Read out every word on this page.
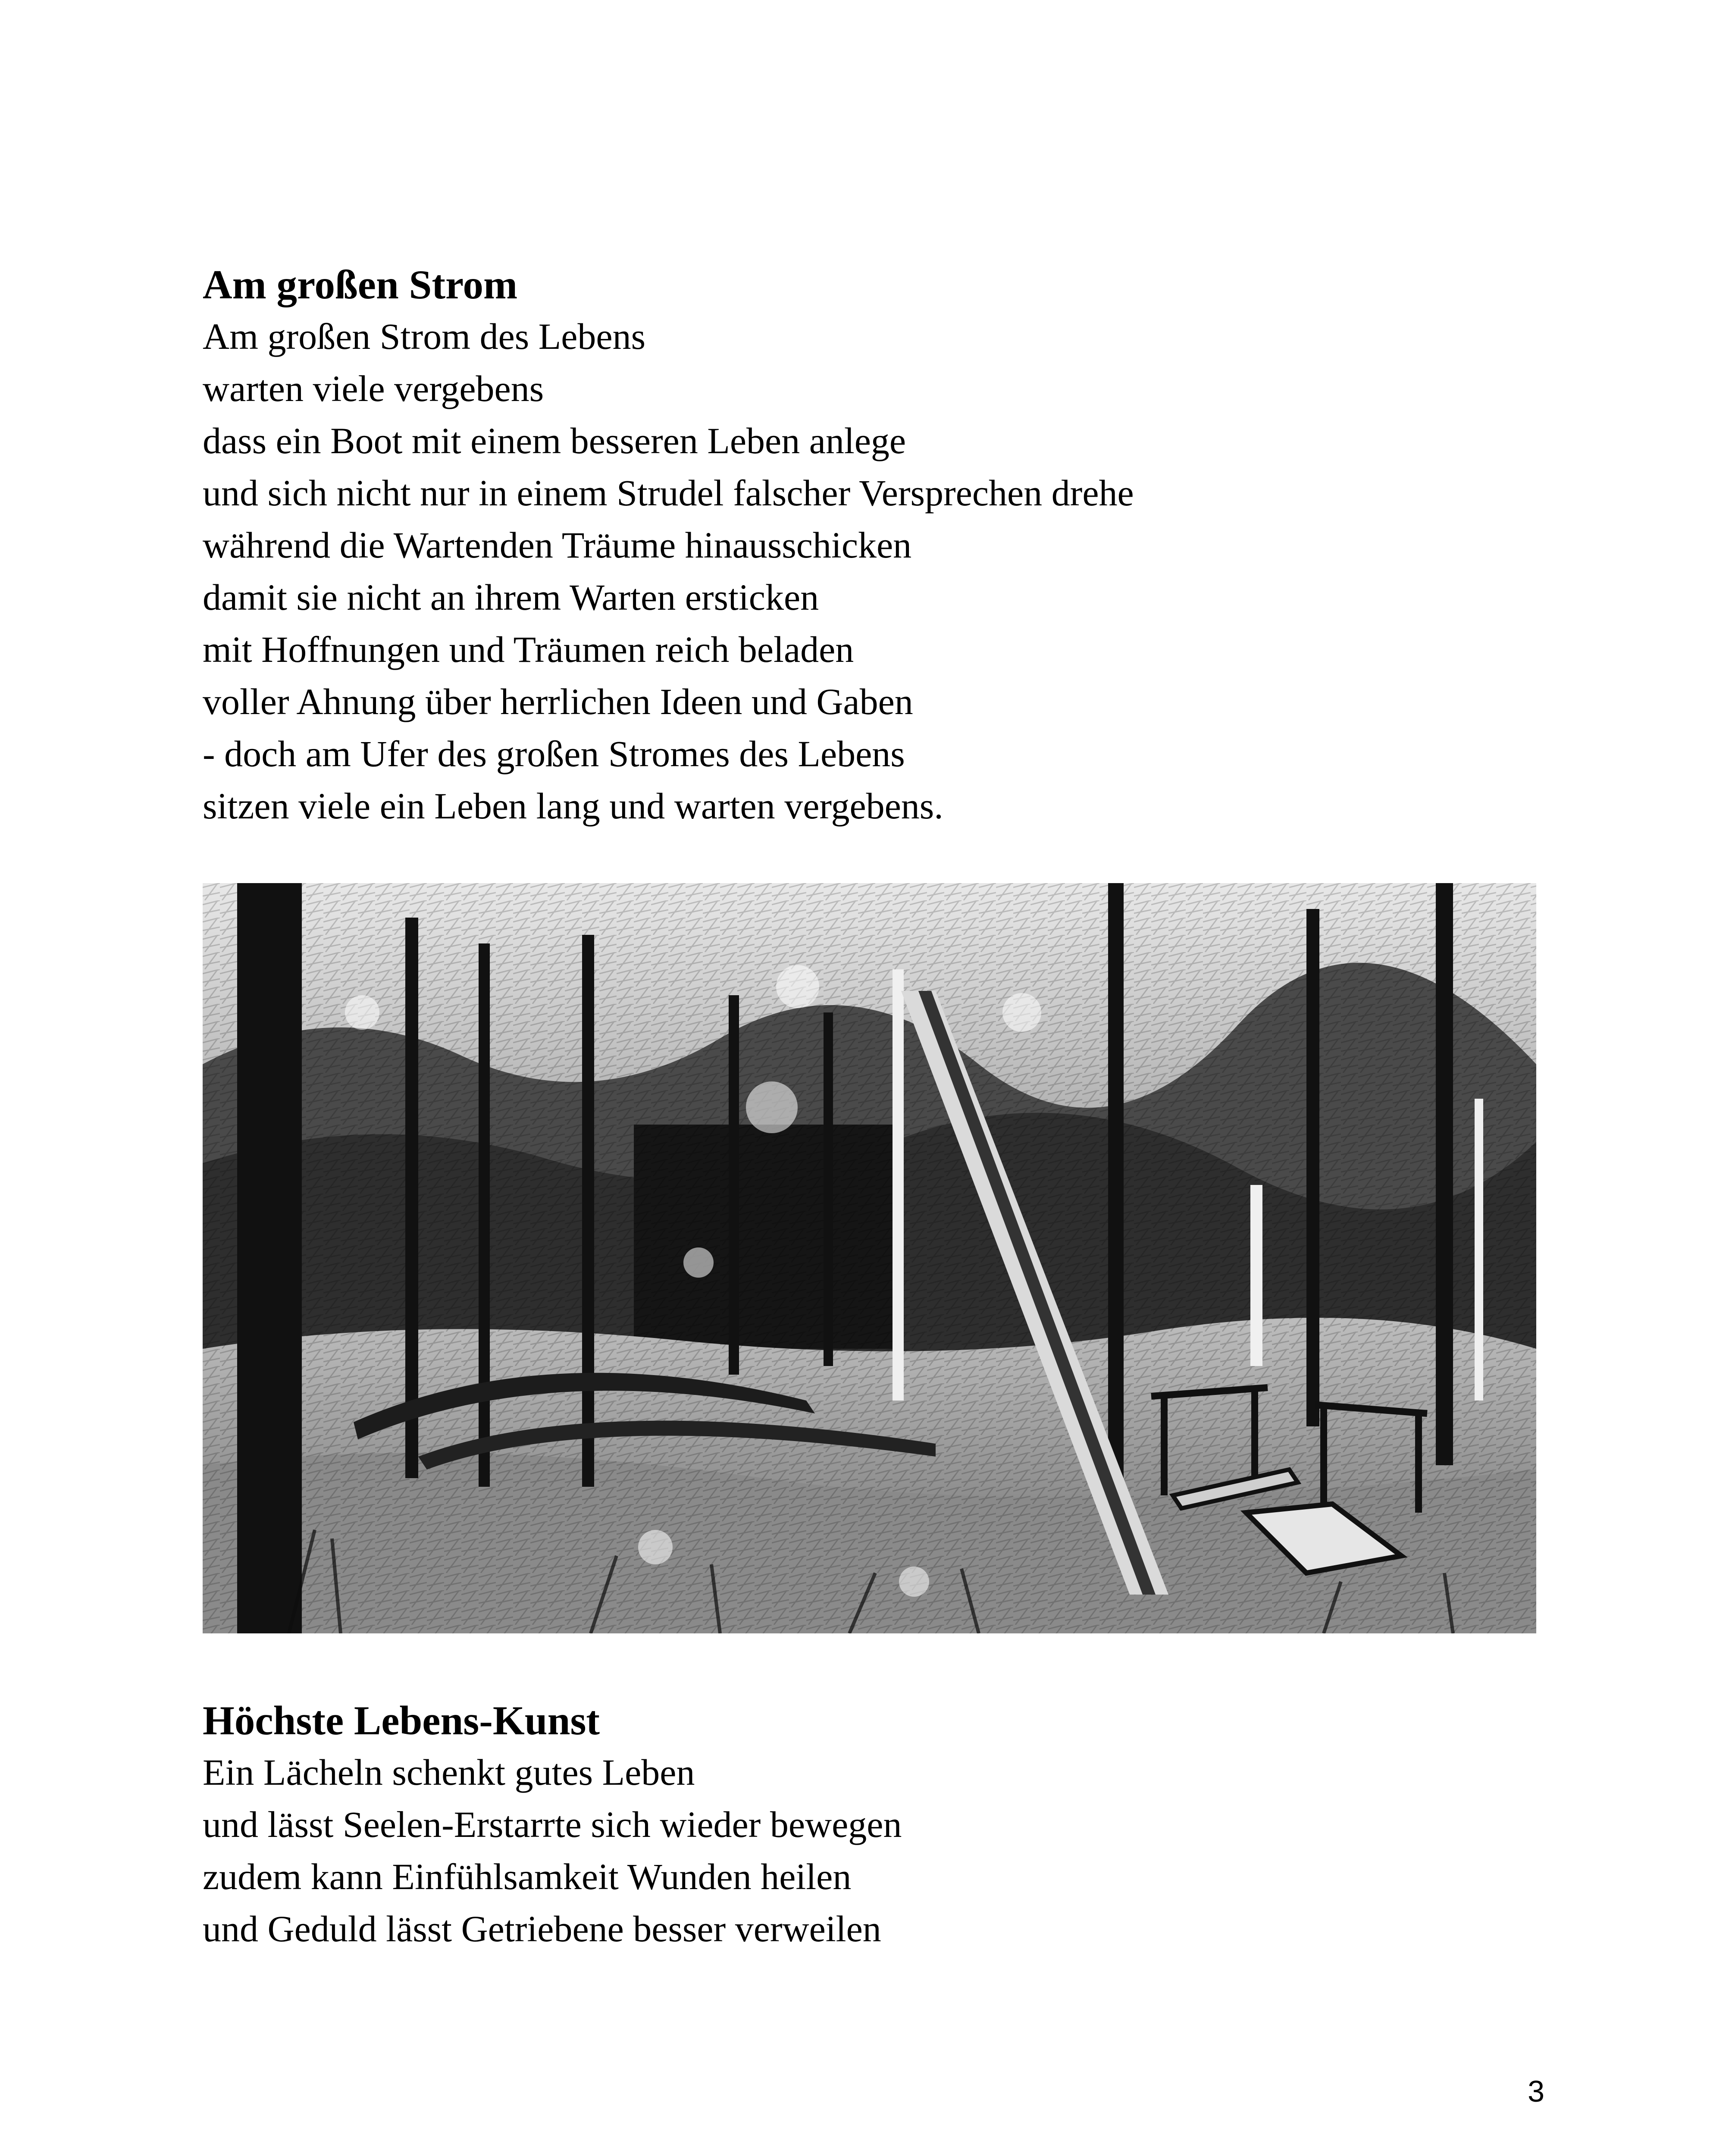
Am großen Strom
Am großen Strom des Lebens
warten viele vergebens
dass ein Boot mit einem besseren Leben anlege
und sich nicht nur in einem Strudel falscher Versprechen drehe
während die Wartenden Träume hinausschicken
damit sie nicht an ihrem Warten ersticken
mit Hoffnungen und Träumen reich beladen
voller Ahnung über herrlichen Ideen und Gaben
- doch am Ufer des großen Stromes des Lebens
sitzen viele ein Leben lang und warten vergebens.
Höchste Lebens-Kunst
Ein Lächeln schenkt gutes Leben
und lässt Seelen-Erstarrte sich wieder bewegen
zudem kann Einfühlsamkeit Wunden heilen
und Geduld lässt Getriebene besser verweilen
3
